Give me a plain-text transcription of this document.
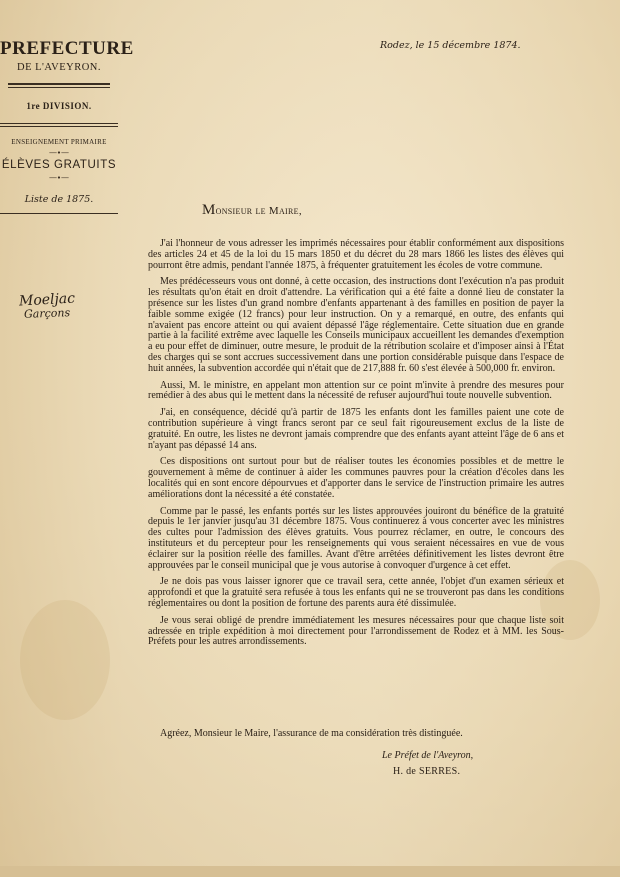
PREFECTURE
DE L'AVEYRON.
1re DIVISION.
ENSEIGNEMENT PRIMAIRE
—∙—
ÉLÈVES GRATUITS
—∙—
Liste de 1875.
Moeljac
Garçons
Rodez, le 15 décembre 1874.
Monsieur le Maire,

J'ai l'honneur de vous adresser les imprimés nécessaires pour établir conformément aux dispositions des articles 24 et 45 de la loi du 15 mars 1850 et du décret du 28 mars 1866 les listes des élèves qui pourront être admis, pendant l'année 1875, à fréquenter gratuitement les écoles de votre commune.

Mes prédécesseurs vous ont donné, à cette occasion, des instructions dont l'exécution n'a pas produit les résultats qu'on était en droit d'attendre. La vérification qui a été faite a donné lieu de constater la présence sur les listes d'un grand nombre d'enfants appartenant à des familles en position de payer la faible somme exigée (12 francs) pour leur instruction. On y a remarqué, en outre, des enfants qui n'avaient pas encore atteint ou qui avaient dépassé l'âge réglementaire. Cette situation due en grande partie à la facilité extrême avec laquelle les Conseils municipaux accueillent les demandes d'exemption a eu pour effet de diminuer, outre mesure, le produit de la rétribution scolaire et d'imposer ainsi à l'État des charges qui se sont accrues successivement dans une portion considérable puisque dans l'espace de huit années, la subvention accordée qui n'était que de 217,888 fr. 60 s'est élevée à 500,000 fr. environ.

Aussi, M. le ministre, en appelant mon attention sur ce point m'invite à prendre des mesures pour remédier à des abus qui le mettent dans la nécessité de refuser aujourd'hui toute nouvelle subvention.

J'ai, en conséquence, décidé qu'à partir de 1875 les enfants dont les familles paient une cote de contribution supérieure à vingt francs seront par ce seul fait rigoureusement exclus de la liste de gratuité. En outre, les listes ne devront jamais comprendre que des enfants ayant atteint l'âge de 6 ans et n'ayant pas dépassé 14 ans.

Ces dispositions ont surtout pour but de réaliser toutes les économies possibles et de mettre le gouvernement à même de continuer à aider les communes pauvres pour la création d'écoles dans les localités qui en sont encore dépourvues et d'apporter dans le service de l'instruction primaire les autres améliorations dont la nécessité a été constatée.

Comme par le passé, les enfants portés sur les listes approuvées jouiront du bénéfice de la gratuité depuis le 1er janvier jusqu'au 31 décembre 1875. Vous continuerez à vous concerter avec les ministres des cultes pour l'admission des élèves gratuits. Vous pourrez réclamer, en outre, le concours des instituteurs et du percepteur pour les renseignements qui vous seraient nécessaires en vue de vous éclairer sur la position réelle des familles. Avant d'être arrêtées définitivement les listes devront être approuvées par le conseil municipal que je vous autorise à convoquer d'urgence à cet effet.

Je ne dois pas vous laisser ignorer que ce travail sera, cette année, l'objet d'un examen sérieux et approfondi et que la gratuité sera refusée à tous les enfants qui ne se trouveront pas dans les conditions réglementaires ou dont la position de fortune des parents aura été dissimulée.

Je vous serai obligé de prendre immédiatement les mesures nécessaires pour que chaque liste soit adressée en triple expédition à moi directement pour l'arrondissement de Rodez et à MM. les Sous-Préfets pour les autres arrondissements.

Agréez, Monsieur le Maire, l'assurance de ma considération très distinguée.
Le Préfet de l'Aveyron,
H. de SERRES.
